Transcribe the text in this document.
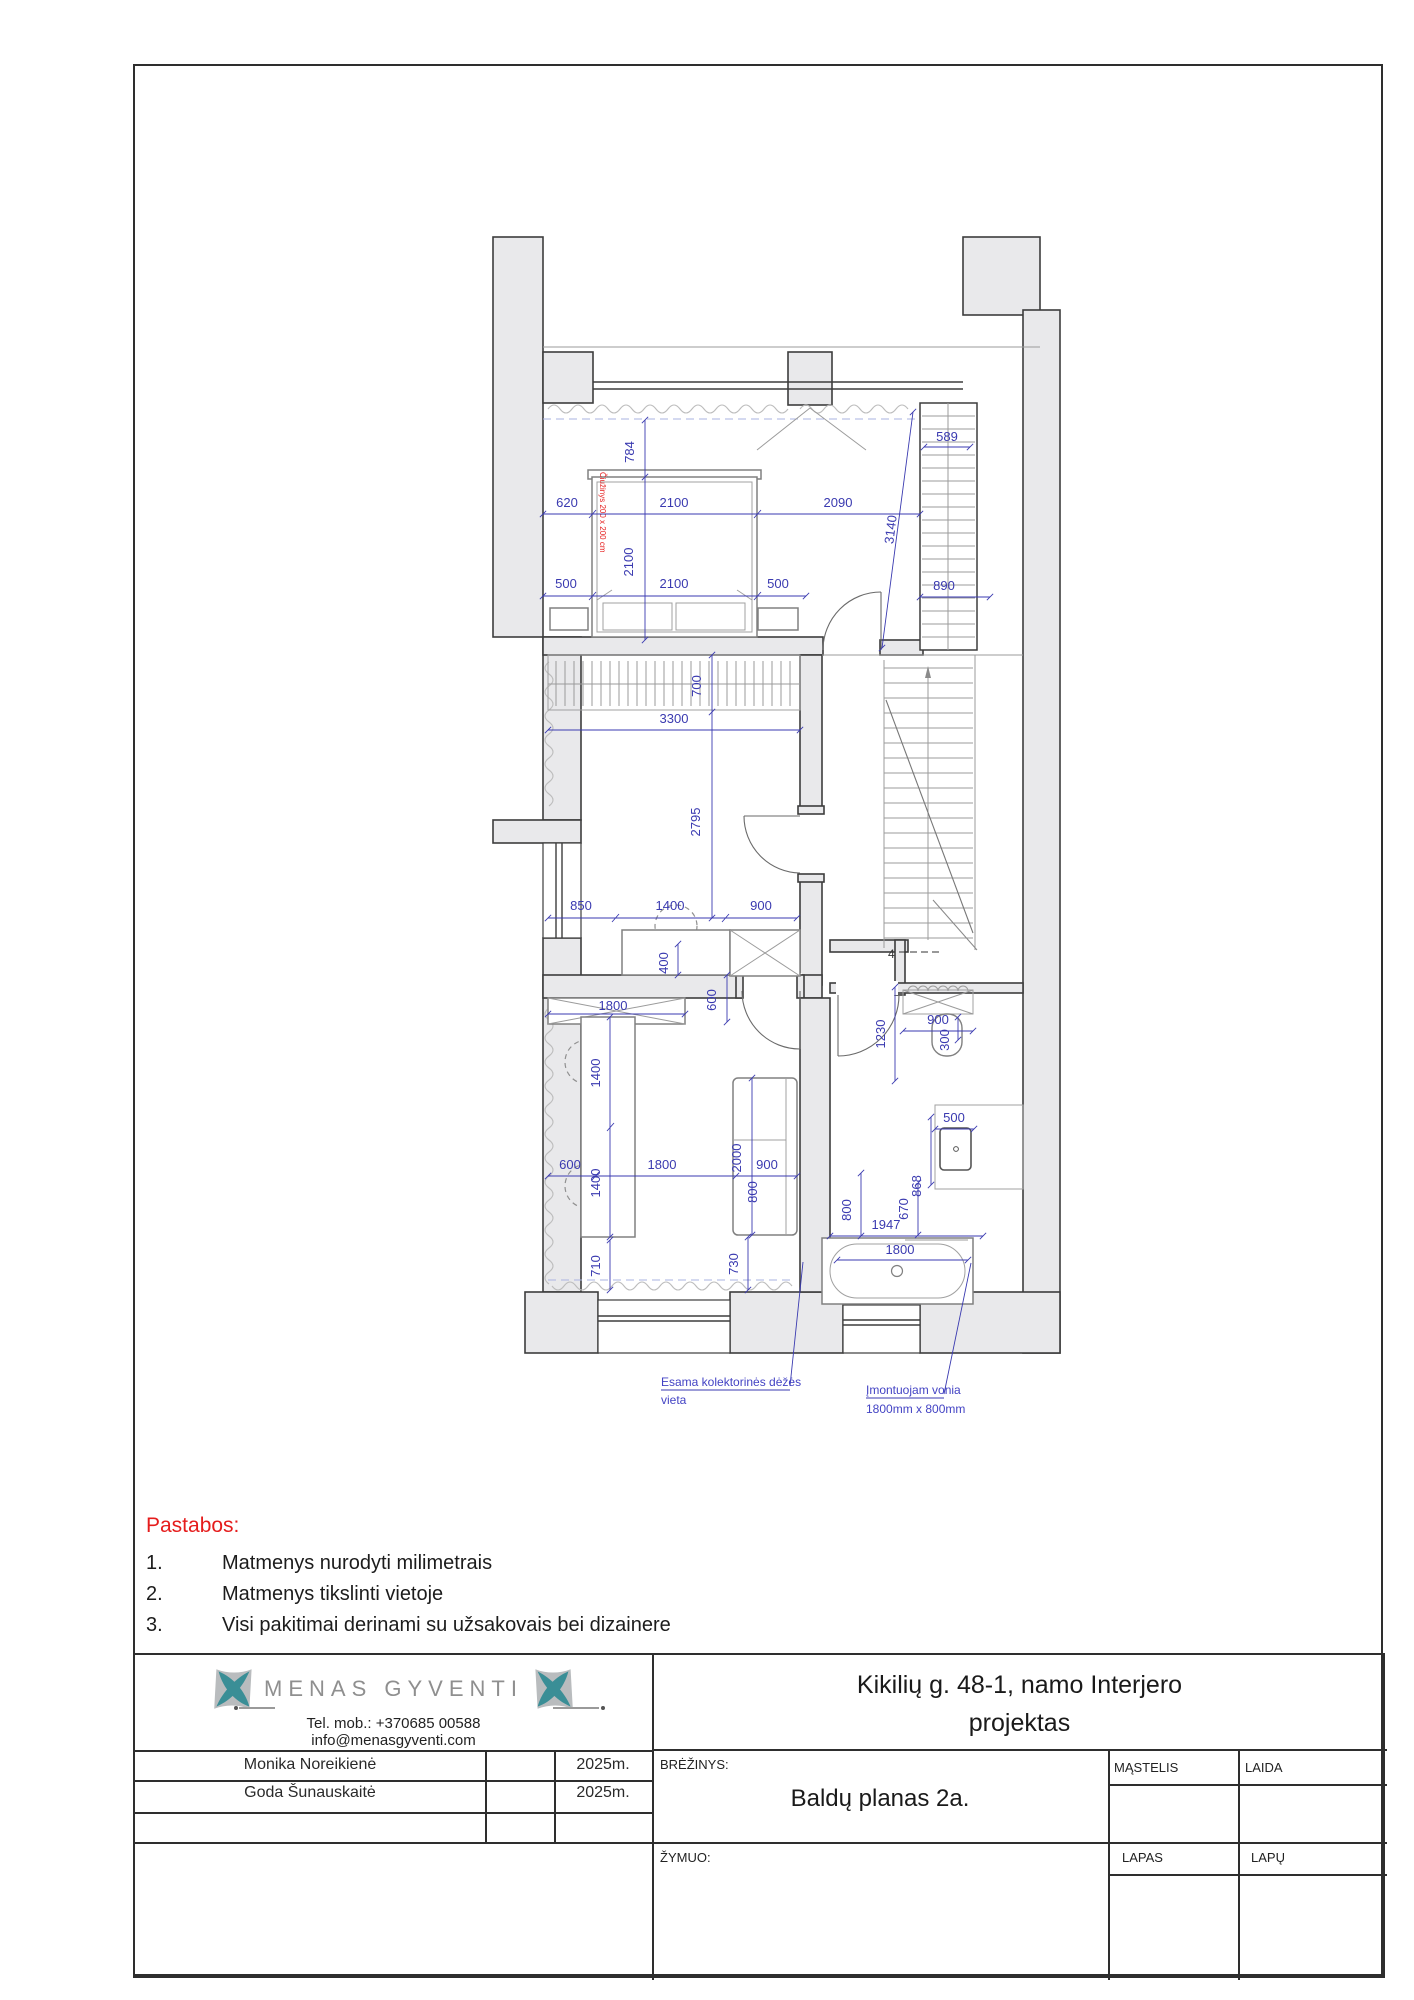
Čiužinys 200 x 200 cm
784
620	2100	2090
589
3140
500	2100	500
2100
890
700
3300
2795
850	1400	900
400
600
1800
1400
1400
600	1800	2000 900
800
710	730
1230
900
300
500
868
670
800
1947
1800
4
Esama kolektorinės dėžės
vieta
Įmontuojam vonia
1800mm x 800mm
Pastabos:
1.	Matmenys nurodyti milimetrais
2.	Matmenys tikslinti vietoje
3.	Visi pakitimai derinami su užsakovais bei dizainere
MENAS GYVENTI
Tel. mob.: +370685 00588
info@menasgyventi.com
Monika Noreikienė	2025m.
Goda Šunauskaitė	2025m.
Kikilių g. 48-1, namo Interjero
projektas
BRĖŽINYS:
Baldų planas 2a.
MĄSTELIS	LAIDA
ŽYMUO:	LAPAS	LAPŲ
